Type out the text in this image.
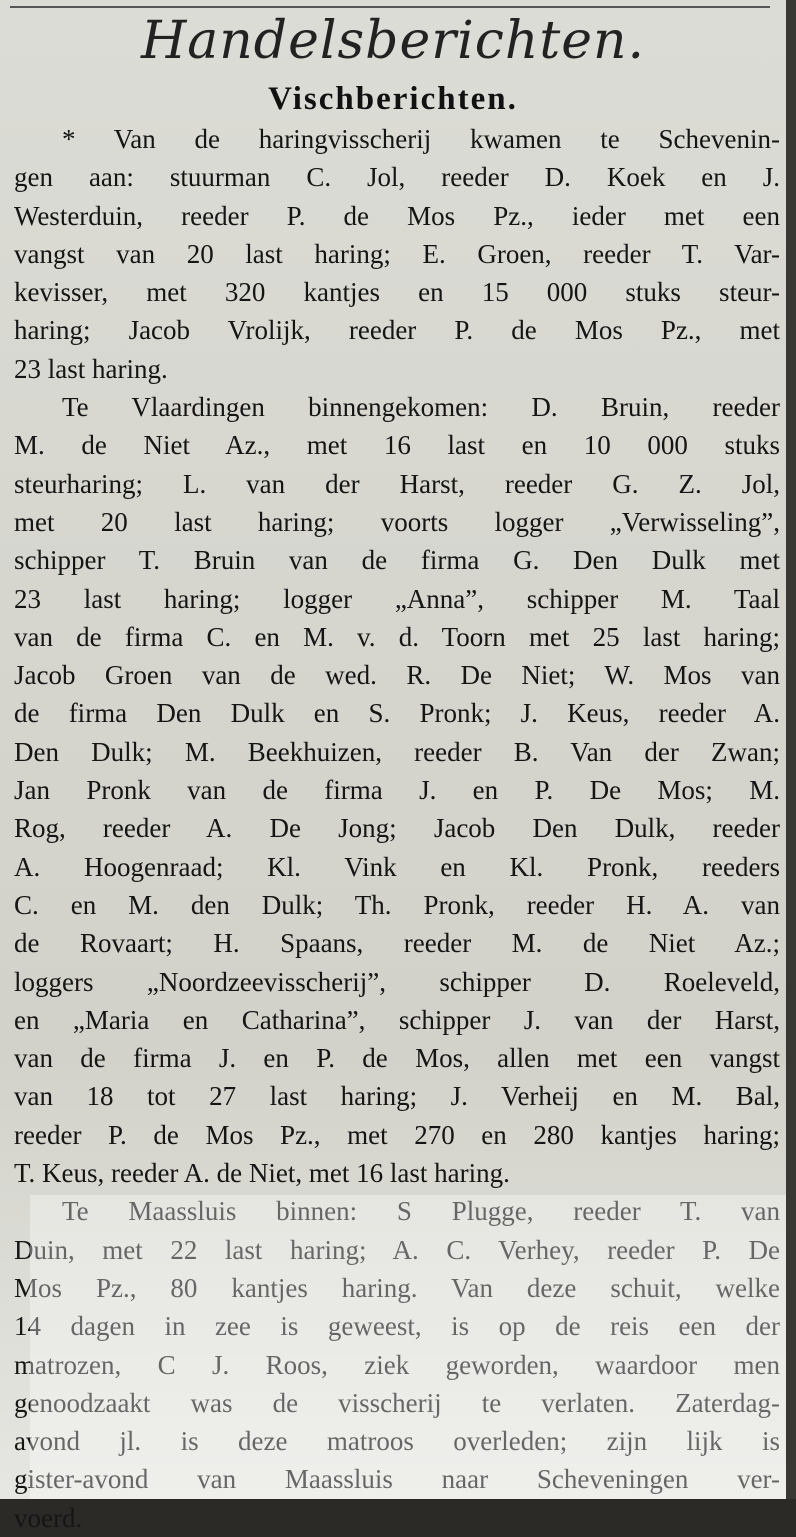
Handelsberichten.
Vischberichten.

* Van de haringvisscherij kwamen te Schevenin-
gen aan: stuurman C. Jol, reeder D. Koek en J.
Westerduin, reeder P. de Mos Pz., ieder met een
vangst van 20 last haring; E. Groen, reeder T. Var-
kevisser, met 320 kantjes en 15 000 stuks steur-
haring; Jacob Vrolijk, reeder P. de Mos Pz., met
23 last haring.

Te Vlaardingen binnengekomen: D. Bruin, reeder
M. de Niet Az., met 16 last en 10 000 stuks
steurharing; L. van der Harst, reeder G. Z. Jol,
met 20 last haring; voorts logger „Verwisseling”,
schipper T. Bruin van de firma G. Den Dulk met
23 last haring; logger „Anna”, schipper M. Taal
van de firma C. en M. v. d. Toorn met 25 last haring;
Jacob Groen van de wed. R. De Niet; W. Mos van
de firma Den Dulk en S. Pronk; J. Keus, reeder A.
Den Dulk; M. Beekhuizen, reeder B. Van der Zwan;
Jan Pronk van de firma J. en P. De Mos; M.
Rog, reeder A. De Jong; Jacob Den Dulk, reeder
A. Hoogenraad; Kl. Vink en Kl. Pronk, reeders
C. en M. den Dulk; Th. Pronk, reeder H. A. van
de Rovaart; H. Spaans, reeder M. de Niet Az.;
loggers „Noordzeevisscherij”, schipper D. Roeleveld,
en „Maria en Catharina”, schipper J. van der Harst,
van de firma J. en P. de Mos, allen met een vangst
van 18 tot 27 last haring; J. Verheij en M. Bal,
reeder P. de Mos Pz., met 270 en 280 kantjes haring;
T. Keus, reeder A. de Niet, met 16 last haring.

Te Maassluis binnen: S Plugge, reeder T. van
Duin, met 22 last haring; A. C. Verhey, reeder P. De
Mos Pz., 80 kantjes haring. Van deze schuit, welke
14 dagen in zee is geweest, is op de reis een der
matrozen, C J. Roos, ziek geworden, waardoor men
genoodzaakt was de visscherij te verlaten. Zaterdag-
avond jl. is deze matroos overleden; zijn lijk is
gister-avond van Maassluis naar Scheveningen ver-
voerd.
